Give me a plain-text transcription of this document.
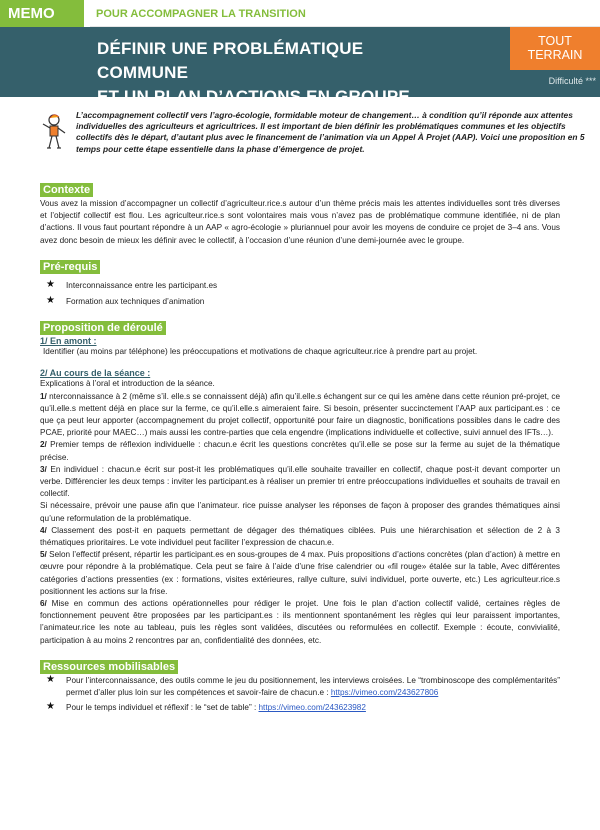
MEMO	POUR ACCOMPAGNER LA TRANSITION
DÉFINIR UNE PROBLÉMATIQUE COMMUNE
ET UN PLAN D’ACTIONS EN GROUPE
TOUT
TERRAIN
Difficulté ***
L’accompagnement collectif vers l’agro-écologie, formidable moteur de changement… à condition qu’il réponde aux attentes individuelles des agriculteurs et agricultrices. Il est important de bien définir les problématiques communes et les objectifs collectifs dès le départ, d’autant plus avec le financement de l’animation via un Appel À Projet (AAP). Voici une proposition en 5 temps pour cette étape essentielle dans la phase d’émergence de projet.
Contexte

Vous avez la mission d’accompagner un collectif d’agriculteur.rice.s autour d’un thème précis mais les attentes individuelles sont très diverses et l’objectif collectif est flou. Les agriculteur.rice.s sont volontaires mais vous n’avez pas de problématique commune identifiée, ni de plan d’actions. Il vous faut pourtant répondre à un AAP « agro-écologie » pluriannuel pour avoir les moyens de conduire ce projet de 3–4 ans. Vous avez donc besoin de mieux les définir avec le collectif, à l’occasion d’une réunion d’une demi-journée avec le groupe.

Pré-requis
★ Interconnaissance entre les participant.es
★ Formation aux techniques d’animation
Proposition de déroulé
1/ En amont :

Identifier (au moins par téléphone) les préoccupations et motivations de chaque agriculteur.rice à prendre part au projet.

2/ Au cours de la séance :

Explications à l’oral et introduction de la séance.

1/ nterconnaissance à 2 (même s’il. elle.s se connaissent déjà) afin qu’il.elle.s échangent sur ce qui les amène dans cette réunion pré-projet, ce qu’il.elle.s mettent déjà en place sur la ferme, ce qu’il.elle.s aimeraient faire. Si besoin, présenter succinctement l’AAP aux participant.es : ce que ça peut leur apporter (accompagnement du projet collectif, opportunité pour faire un diagnostic, bonifications possibles dans le cadre des PCAE, priorité pour MAEC…) mais aussi les contre-parties que cela engendre (implications individuelle et collective, suivi annuel des IFTs…).

2/ Premier temps de réflexion individuelle : chacun.e écrit les questions concrètes qu’il.elle se pose sur la ferme au sujet de la thématique précise.

3/ En individuel : chacun.e écrit sur post-it les problématiques qu’il.elle souhaite travailler en collectif, chaque post-it devant comporter un verbe. Différencier les deux temps : inviter les participant.es à réaliser un premier tri entre préoccupations individuelles et souhaits de travail en collectif.

Si nécessaire, prévoir une pause afin que l’animateur. rice puisse analyser les réponses de façon à proposer des grandes thématiques ainsi qu’une reformulation de la problématique.

4/ Classement des post-it en paquets permettant de dégager des thématiques ciblées. Puis une hiérarchisation et sélection de 2 à 3 thématiques prioritaires. Le vote individuel peut faciliter l’expression de chacun.e.

5/ Selon l’effectif présent, répartir les participant.es en sous-groupes de 4 max. Puis propositions d’actions concrètes (plan d’action) à mettre en œuvre pour répondre à la problématique. Cela peut se faire à l’aide d’une frise calendrier ou «fil rouge» étalée sur la table, Avec différentes catégories d’actions pressenties (ex : formations, visites extérieures, rallye culture, suivi individuel, porte ouverte, etc.) Les agriculteur.rice.s positionnent les actions sur la frise.

6/ Mise en commun des actions opérationnelles pour rédiger le projet. Une fois le plan d’action collectif validé, certaines règles de fonctionnement peuvent être proposées par les participant.es : ils mentionnent spontanément les règles qui leur paraissent importantes, l’animateur.rice les note au tableau, puis les règles sont validées, discutées ou reformulées en collectif. Exemple : écoute, convivialité, participation à au moins 2 rencontres par an, confidentialité des données, etc.

Ressources mobilisables
★ Pour l’interconnaissance, des outils comme le jeu du positionnement, les interviews croisées. Le “trombinoscope des complémentarités” permet d’aller plus loin sur les compétences et savoir-faire de chacun.e : https://vimeo.com/243627806
★ Pour le temps individuel et réflexif : le “set de table” : https://vimeo.com/243623982
